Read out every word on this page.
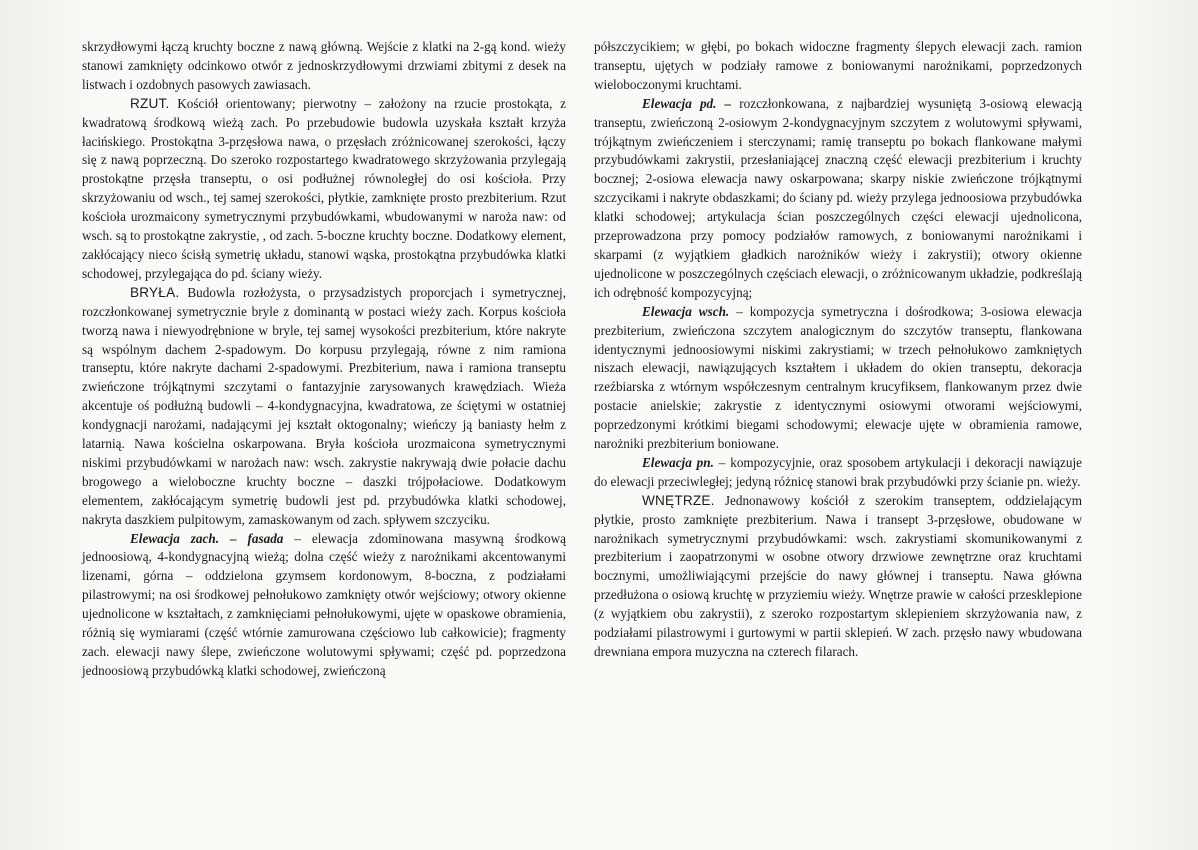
skrzydłowymi łączą kruchty boczne z nawą główną. Wejście z klatki na 2-gą kond. wieży stanowi zamknięty odcinkowo otwór z jednoskrzydłowymi drzwiami zbitymi z desek na listwach i ozdobnych pasowych zawiasach.

RZUT. Kościół orientowany; pierwotny – założony na rzucie prostokąta, z kwadratową środkową wieżą zach. Po przebudowie budowla uzyskała kształt krzyża łacińskiego. Prostokątna 3-przęsłowa nawa, o przęsłach zróżnicowanej szerokości, łączy się z nawą poprzeczną. Do szeroko rozpostartego kwadratowego skrzyżowania przylegają prostokątne przęsła transeptu, o osi podłużnej równoległej do osi kościoła. Przy skrzyżowaniu od wsch., tej samej szerokości, płytkie, zamknięte prosto prezbiterium. Rzut kościoła urozmaicony symetrycznymi przybudówkami, wbudowanymi w naroża naw: od wsch. są to prostokątne zakrystie, , od zach. 5-boczne kruchty boczne. Dodatkowy element, zakłócający nieco ścisłą symetrię układu, stanowi wąska, prostokątna przybudówka klatki schodowej, przylegająca do pd. ściany wieży.

BRYŁA. Budowla rozłożysta, o przysadzistych proporcjach i symetrycznej, rozczłonkowanej symetrycznie bryle z dominantą w postaci wieży zach. Korpus kościoła tworzą nawa i niewyodrębnione w bryle, tej samej wysokości prezbiterium, które nakryte są wspólnym dachem 2-spadowym. Do korpusu przylegają, równe z nim ramiona transeptu, które nakryte dachami 2-spadowymi. Prezbiterium, nawa i ramiona transeptu zwieńczone trójkątnymi szczytami o fantazyjnie zarysowanych krawędziach. Wieża akcentuje oś podłużną budowli – 4-kondygnacyjna, kwadratowa, ze ściętymi w ostatniej kondygnacji narożami, nadającymi jej kształt oktogonalny; wieńczy ją baniasty hełm z latarnią. Nawa kościelna oskarpowana. Bryła kościoła urozmaicona symetrycznymi niskimi przybudówkami w narożach naw: wsch. zakrystie nakrywają dwie połacie dachu brogowego a wieloboczne kruchty boczne – daszki trójpołaciowe. Dodatkowym elementem, zakłócającym symetrię budowli jest pd. przybudówka klatki schodowej, nakryta daszkiem pulpitowym, zamaskowanym od zach. spływem szczyciku.

Elewacja zach. – fasada – elewacja zdominowana masywną środkową jednoosiową, 4-kondygnacyjną wieżą; dolna część wieży z narożnikami akcentowanymi lizenami, górna – oddzielona gzymsem kordonowym, 8-boczna, z podziałami pilastrowymi; na osi środkowej pełnołukowo zamknięty otwór wejściowy; otwory okienne ujednolicone w kształtach, z zamknięciami pełnołukowymi, ujęte w opaskowe obramienia, różnią się wymiarami (część wtórnie zamurowana częściowo lub całkowicie); fragmenty zach. elewacji nawy ślepe, zwieńczone wolutowymi spływami; część pd. poprzedzona jednoosiową przybudówką klatki schodowej, zwieńczoną

półszczycikiem; w głębi, po bokach widoczne fragmenty ślepych elewacji zach. ramion transeptu, ujętych w podziały ramowe z boniowanymi narożnikami, poprzedzonych wieloboczonymi kruchtami.

Elewacja pd. – rozczłonkowana, z najbardziej wysuniętą 3-osiową elewacją transeptu, zwieńczoną 2-osiowym 2-kondygnacyjnym szczytem z wolutowymi spływami, trójkątnym zwieńczeniem i sterczynami; ramię transeptu po bokach flankowane małymi przybudówkami zakrystii, przesłaniającej znaczną część elewacji prezbiterium i kruchty bocznej; 2-osiowa elewacja nawy oskarpowana; skarpy niskie zwieńczone trójkątnymi szczycikami i nakryte obdaszkami; do ściany pd. wieży przylega jednoosiowa przybudówka klatki schodowej; artykulacja ścian poszczególnych części elewacji ujednolicona, przeprowadzona przy pomocy podziałów ramowych, z boniowanymi narożnikami i skarpami (z wyjątkiem gładkich narożników wieży i zakrystii); otwory okienne ujednolicone w poszczególnych częściach elewacji, o zróżnicowanym układzie, podkreślają ich odrębność kompozycyjną;

Elewacja wsch. – kompozycja symetryczna i dośrodkowa; 3-osiowa elewacja prezbiterium, zwieńczona szczytem analogicznym do szczytów transeptu, flankowana identycznymi jednoosiowymi niskimi zakrystiami; w trzech pełnołukowo zamkniętych niszach elewacji, nawiązujących kształtem i układem do okien transeptu, dekoracja rzeźbiarska z wtórnym współczesnym centralnym krucyfiksem, flankowanym przez dwie postacie anielskie; zakrystie z identycznymi osiowymi otworami wejściowymi, poprzedzonymi krótkimi biegami schodowymi; elewacje ujęte w obramienia ramowe, narożniki prezbiterium boniowane.

Elewacja pn. – kompozycyjnie, oraz sposobem artykulacji i dekoracji nawiązuje do elewacji przeciwległej; jedyną różnicę stanowi brak przybudówki przy ścianie pn. wieży.

WNĘTRZE. Jednonawowy kościół z szerokim transeptem, oddzielającym płytkie, prosto zamknięte prezbiterium. Nawa i transept 3-przęsłowe, obudowane w narożnikach symetrycznymi przybudówkami: wsch. zakrystiami skomunikowanymi z prezbiterium i zaopatrzonymi w osobne otwory drzwiowe zewnętrzne oraz kruchtami bocznymi, umożliwiającymi przejście do nawy głównej i transeptu. Nawa główna przedłużona o osiową kruchtę w przyziemiu wieży. Wnętrze prawie w całości przesklepione (z wyjątkiem obu zakrystii), z szeroko rozpostartym sklepieniem skrzyżowania naw, z podziałami pilastrowymi i gurtowymi w partii sklepień. W zach. przęsło nawy wbudowana drewniana empora muzyczna na czterech filarach.
